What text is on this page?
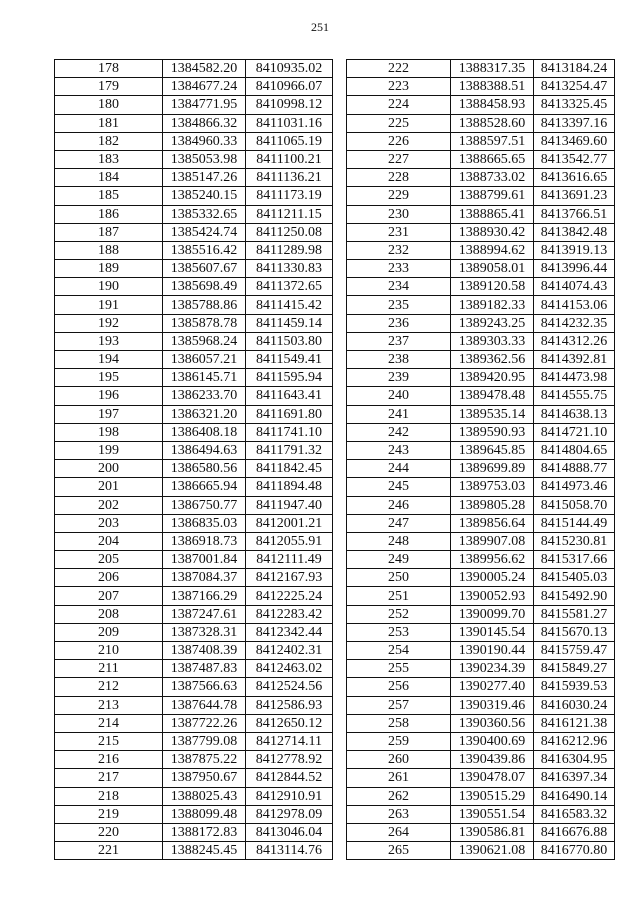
251
178	1384582.20	8410935.02
179	1384677.24	8410966.07
180	1384771.95	8410998.12
181	1384866.32	8411031.16
182	1384960.33	8411065.19
183	1385053.98	8411100.21
184	1385147.26	8411136.21
185	1385240.15	8411173.19
186	1385332.65	8411211.15
187	1385424.74	8411250.08
188	1385516.42	8411289.98
189	1385607.67	8411330.83
190	1385698.49	8411372.65
191	1385788.86	8411415.42
192	1385878.78	8411459.14
193	1385968.24	8411503.80
194	1386057.21	8411549.41
195	1386145.71	8411595.94
196	1386233.70	8411643.41
197	1386321.20	8411691.80
198	1386408.18	8411741.10
199	1386494.63	8411791.32
200	1386580.56	8411842.45
201	1386665.94	8411894.48
202	1386750.77	8411947.40
203	1386835.03	8412001.21
204	1386918.73	8412055.91
205	1387001.84	8412111.49
206	1387084.37	8412167.93
207	1387166.29	8412225.24
208	1387247.61	8412283.42
209	1387328.31	8412342.44
210	1387408.39	8412402.31
211	1387487.83	8412463.02
212	1387566.63	8412524.56
213	1387644.78	8412586.93
214	1387722.26	8412650.12
215	1387799.08	8412714.11
216	1387875.22	8412778.92
217	1387950.67	8412844.52
218	1388025.43	8412910.91
219	1388099.48	8412978.09
220	1388172.83	8413046.04
221	1388245.45	8413114.76
222	1388317.35	8413184.24
223	1388388.51	8413254.47
224	1388458.93	8413325.45
225	1388528.60	8413397.16
226	1388597.51	8413469.60
227	1388665.65	8413542.77
228	1388733.02	8413616.65
229	1388799.61	8413691.23
230	1388865.41	8413766.51
231	1388930.42	8413842.48
232	1388994.62	8413919.13
233	1389058.01	8413996.44
234	1389120.58	8414074.43
235	1389182.33	8414153.06
236	1389243.25	8414232.35
237	1389303.33	8414312.26
238	1389362.56	8414392.81
239	1389420.95	8414473.98
240	1389478.48	8414555.75
241	1389535.14	8414638.13
242	1389590.93	8414721.10
243	1389645.85	8414804.65
244	1389699.89	8414888.77
245	1389753.03	8414973.46
246	1389805.28	8415058.70
247	1389856.64	8415144.49
248	1389907.08	8415230.81
249	1389956.62	8415317.66
250	1390005.24	8415405.03
251	1390052.93	8415492.90
252	1390099.70	8415581.27
253	1390145.54	8415670.13
254	1390190.44	8415759.47
255	1390234.39	8415849.27
256	1390277.40	8415939.53
257	1390319.46	8416030.24
258	1390360.56	8416121.38
259	1390400.69	8416212.96
260	1390439.86	8416304.95
261	1390478.07	8416397.34
262	1390515.29	8416490.14
263	1390551.54	8416583.32
264	1390586.81	8416676.88
265	1390621.08	8416770.80
